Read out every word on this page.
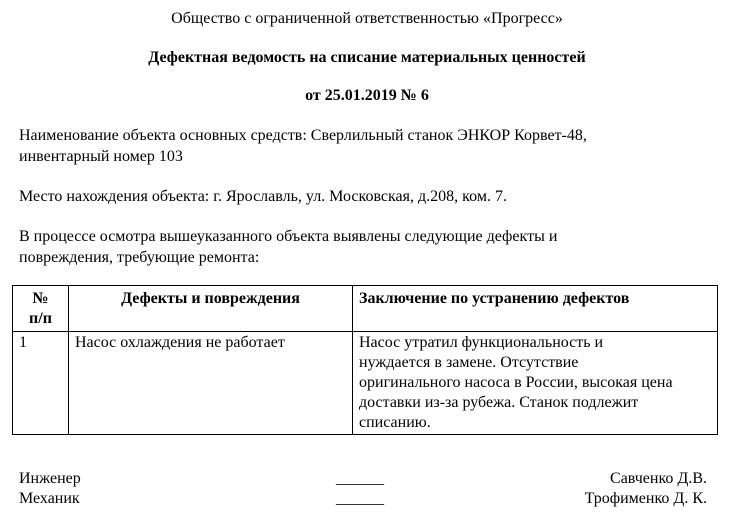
Общество с ограниченной ответственностью «Прогресс»
Дефектная ведомость на списание материальных ценностей
от 25.01.2019 № 6
Наименование объекта основных средств: Сверлильный станок ЭНКОР Корвет-48,
инвентарный номер 103
Место нахождения объекта: г. Ярославль, ул. Московская, д.208, ком. 7.
В процессе осмотра вышеуказанного объекта выявлены следующие дефекты и
повреждения, требующие ремонта:
№
п/п	Дефекты и повреждения	Заключение по устранению дефектов
1	Насос охлаждения не работает	Насос утратил функциональность и
нуждается в замене. Отсутствие
оригинального насоса в России, высокая цена
доставки из-за рубежа. Станок подлежит
списанию.
Инженер	______	Савченко Д.В.
Механик	______	Трофименко Д. К.
